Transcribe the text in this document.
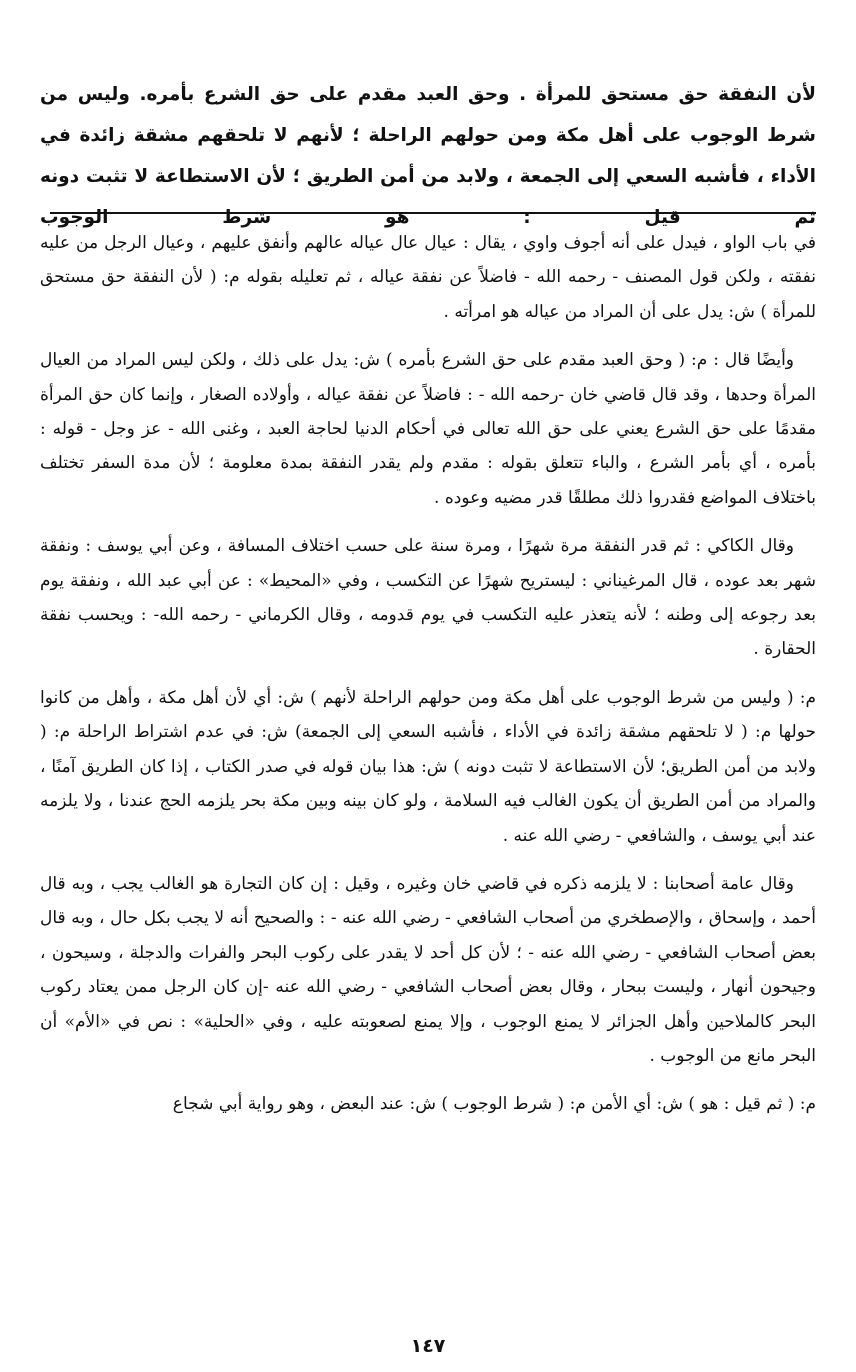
لأن النفقة حق مستحق للمرأة . وحق العبد مقدم على حق الشرع بأمره. وليس من شرط الوجوب على أهل مكة ومن حولهم الراحلة ؛ لأنهم لا تلحقهم مشقة زائدة في الأداء ، فأشبه السعي إلى الجمعة ، ولابد من أمن الطريق ؛ لأن الاستطاعة لا تثبت دونه ثم قيل : هو شرط الوجوب

في باب الواو ، فيدل على أنه أجوف واوي ، يقال : عيال عال عياله عالهم وأنفق عليهم ، وعيال الرجل من عليه نفقته ، ولكن قول المصنف - رحمه الله - فاضلاً عن نفقة عياله ، ثم تعليله بقوله م: ( لأن النفقة حق مستحق للمرأة ) ش: يدل على أن المراد من عياله هو امرأته .

وأيضًا قال : م: ( وحق العبد مقدم على حق الشرع بأمره ) ش: يدل على ذلك ، ولكن ليس المراد من العيال المرأة وحدها ، وقد قال قاضي خان -رحمه الله - : فاضلاً عن نفقة عياله ، وأولاده الصغار ، وإنما كان حق المرأة مقدمًا على حق الشرع يعني على حق الله تعالى في أحكام الدنيا لحاجة العبد ، وغنى الله - عز وجل - قوله : بأمره ، أي بأمر الشرع ، والباء تتعلق بقوله : مقدم ولم يقدر النفقة بمدة معلومة ؛ لأن مدة السفر تختلف باختلاف المواضع فقدروا ذلك مطلقًا قدر مضيه وعوده .

وقال الكاكي : ثم قدر النفقة مرة شهرًا ، ومرة سنة على حسب اختلاف المسافة ، وعن أبي يوسف : ونفقة شهر بعد عوده ، قال المرغيناني : ليستريح شهرًا عن التكسب ، وفي «المحيط» : عن أبي عبد الله ، ونفقة يوم بعد رجوعه إلى وطنه ؛ لأنه يتعذر عليه التكسب في يوم قدومه ، وقال الكرماني - رحمه الله- : ويحسب نفقة الحقارة .

م: ( وليس من شرط الوجوب على أهل مكة ومن حولهم الراحلة لأنهم ) ش: أي لأن أهل مكة ، وأهل من كانوا حولها م: ( لا تلحقهم مشقة زائدة في الأداء ، فأشبه السعي إلى الجمعة) ش: في عدم اشتراط الراحلة م: ( ولابد من أمن الطريق؛ لأن الاستطاعة لا تثبت دونه ) ش: هذا بيان قوله في صدر الكتاب ، إذا كان الطريق آمنًا ، والمراد من أمن الطريق أن يكون الغالب فيه السلامة ، ولو كان بينه وبين مكة بحر يلزمه الحج عندنا ، ولا يلزمه عند أبي يوسف ، والشافعي - رضي الله عنه .

وقال عامة أصحابنا : لا يلزمه ذكره في قاضي خان وغيره ، وقيل : إن كان التجارة هو الغالب يجب ، وبه قال أحمد ، وإسحاق ، والإصطخري من أصحاب الشافعي - رضي الله عنه - : والصحيح أنه لا يجب بكل حال ، وبه قال بعض أصحاب الشافعي - رضي الله عنه - ؛ لأن كل أحد لا يقدر على ركوب البحر والفرات والدجلة ، وسيحون ، وجيحون أنهار ، وليست ببحار ، وقال بعض أصحاب الشافعي - رضي الله عنه -إن كان الرجل ممن يعتاد ركوب البحر كالملاحين وأهل الجزائر لا يمنع الوجوب ، وإلا يمنع لصعوبته عليه ، وفي «الحلية» : نص في «الأم» أن البحر مانع من الوجوب .

م: ( ثم قيل : هو ) ش: أي الأمن م: ( شرط الوجوب ) ش: عند البعض ، وهو رواية أبي شجاع

١٤٧
